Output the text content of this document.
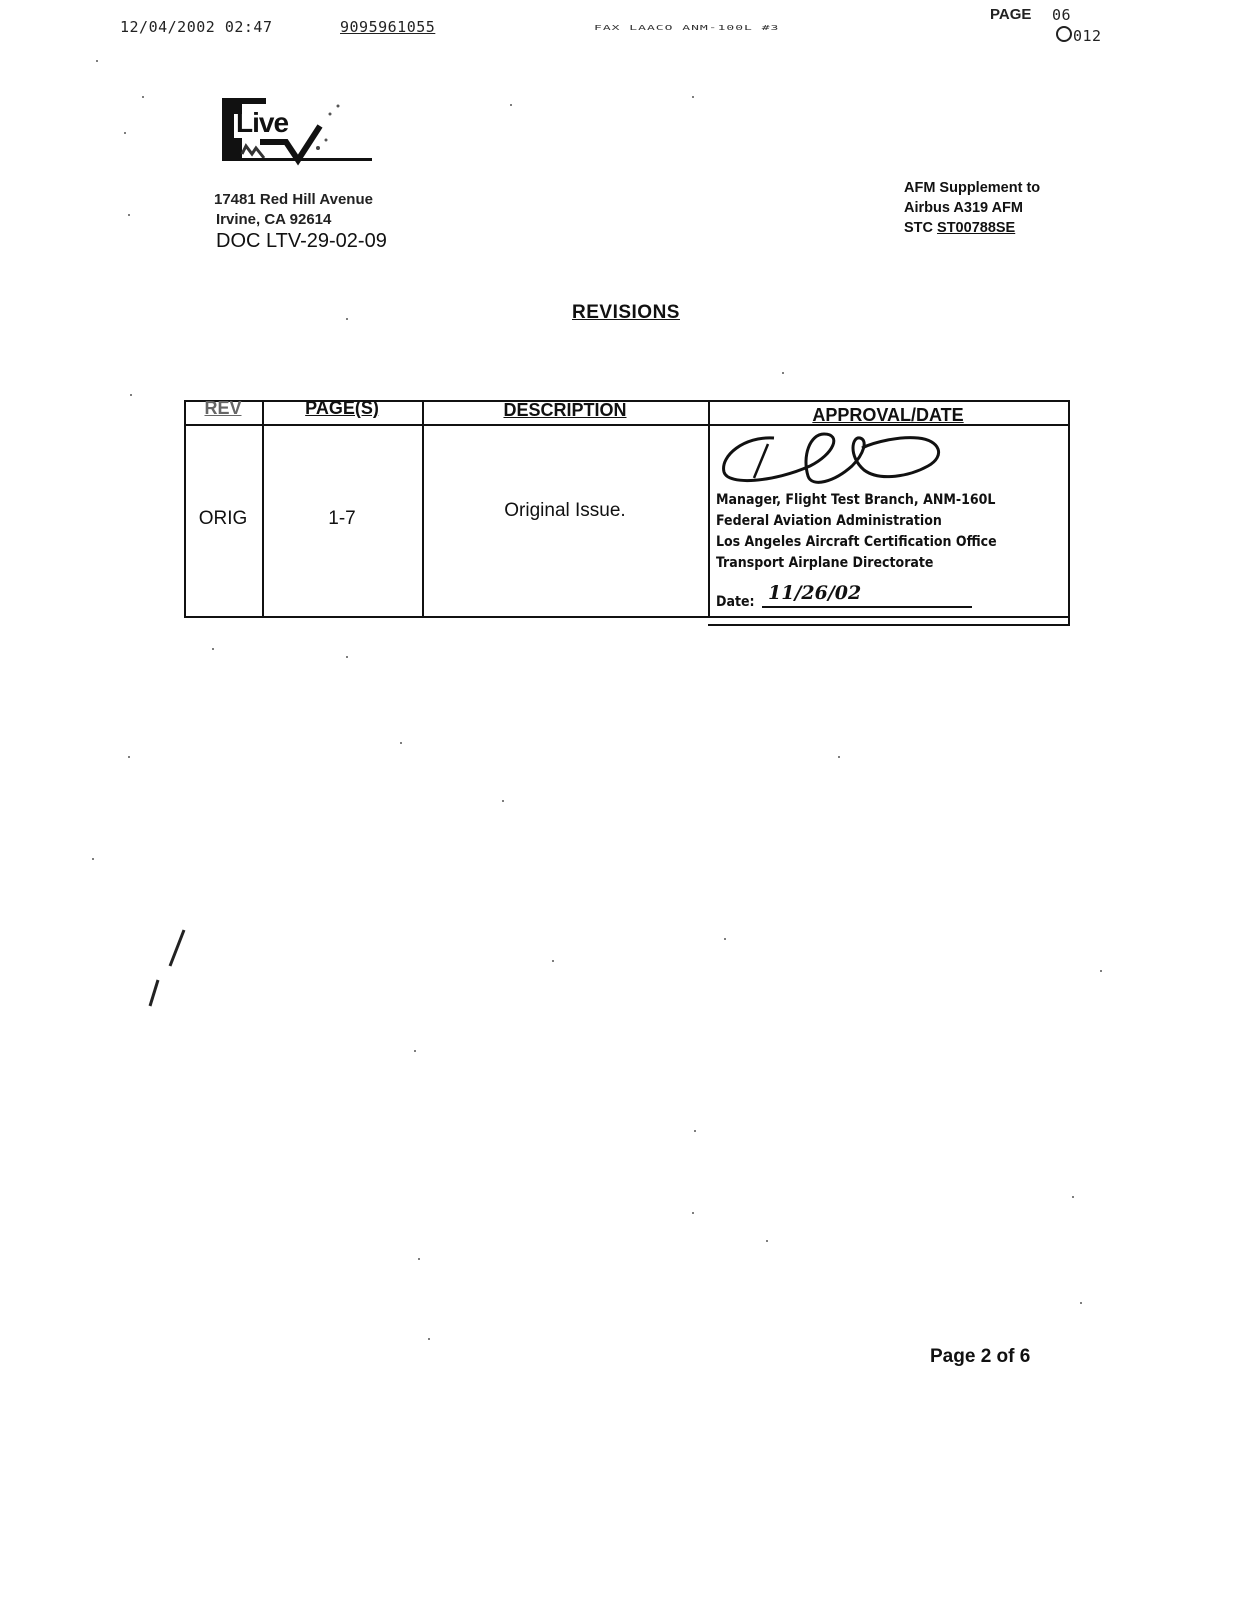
12/04/2002 02:47	9095961055	FAX LAACO ANM-100L #3
PAGE 06
012
Live
17481 Red Hill Avenue
Irvine, CA 92614
DOC LTV-29-02-09
AFM Supplement to
Airbus A319 AFM
STC ST00788SE
REVISIONS
REV	PAGE(S)	DESCRIPTION	APPROVAL/DATE
ORIG	1-7	Original Issue.	Manager, Flight Test Branch, ANM-160L
Federal Aviation Administration
Los Angeles Aircraft Certification Office
Transport Airplane Directorate
Date: 11/26/02
Page 2 of 6
